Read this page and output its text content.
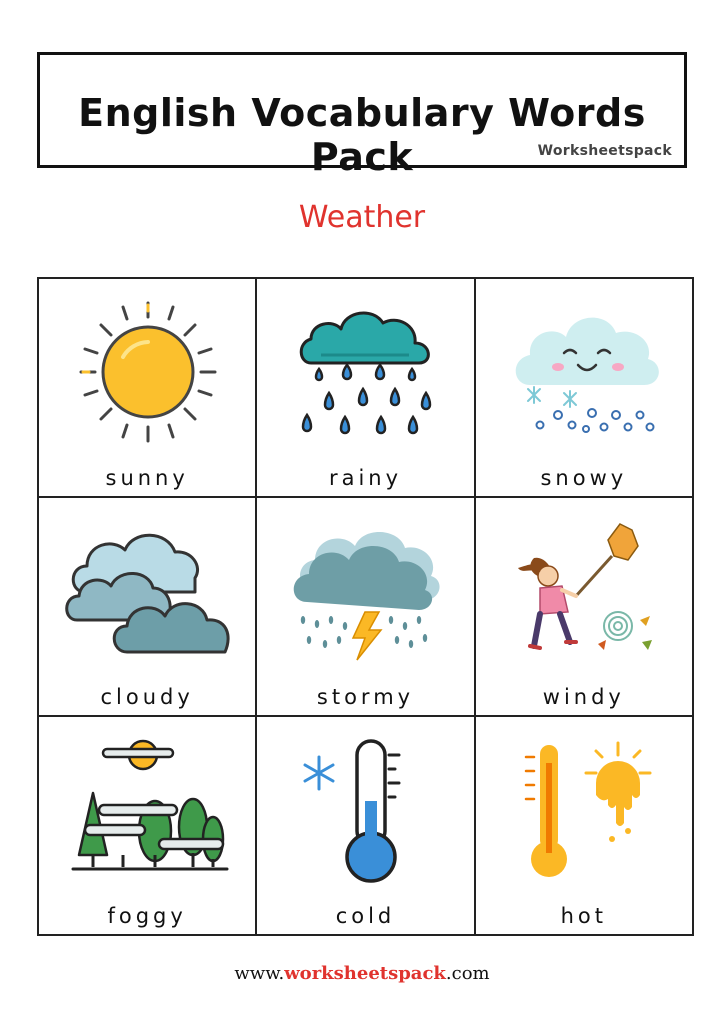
English Vocabulary Words Pack	Worksheetspack
Weather
sunny	rainy	snowy
cloudy	stormy	windy
foggy	cold	hot
www.worksheetspack.com
